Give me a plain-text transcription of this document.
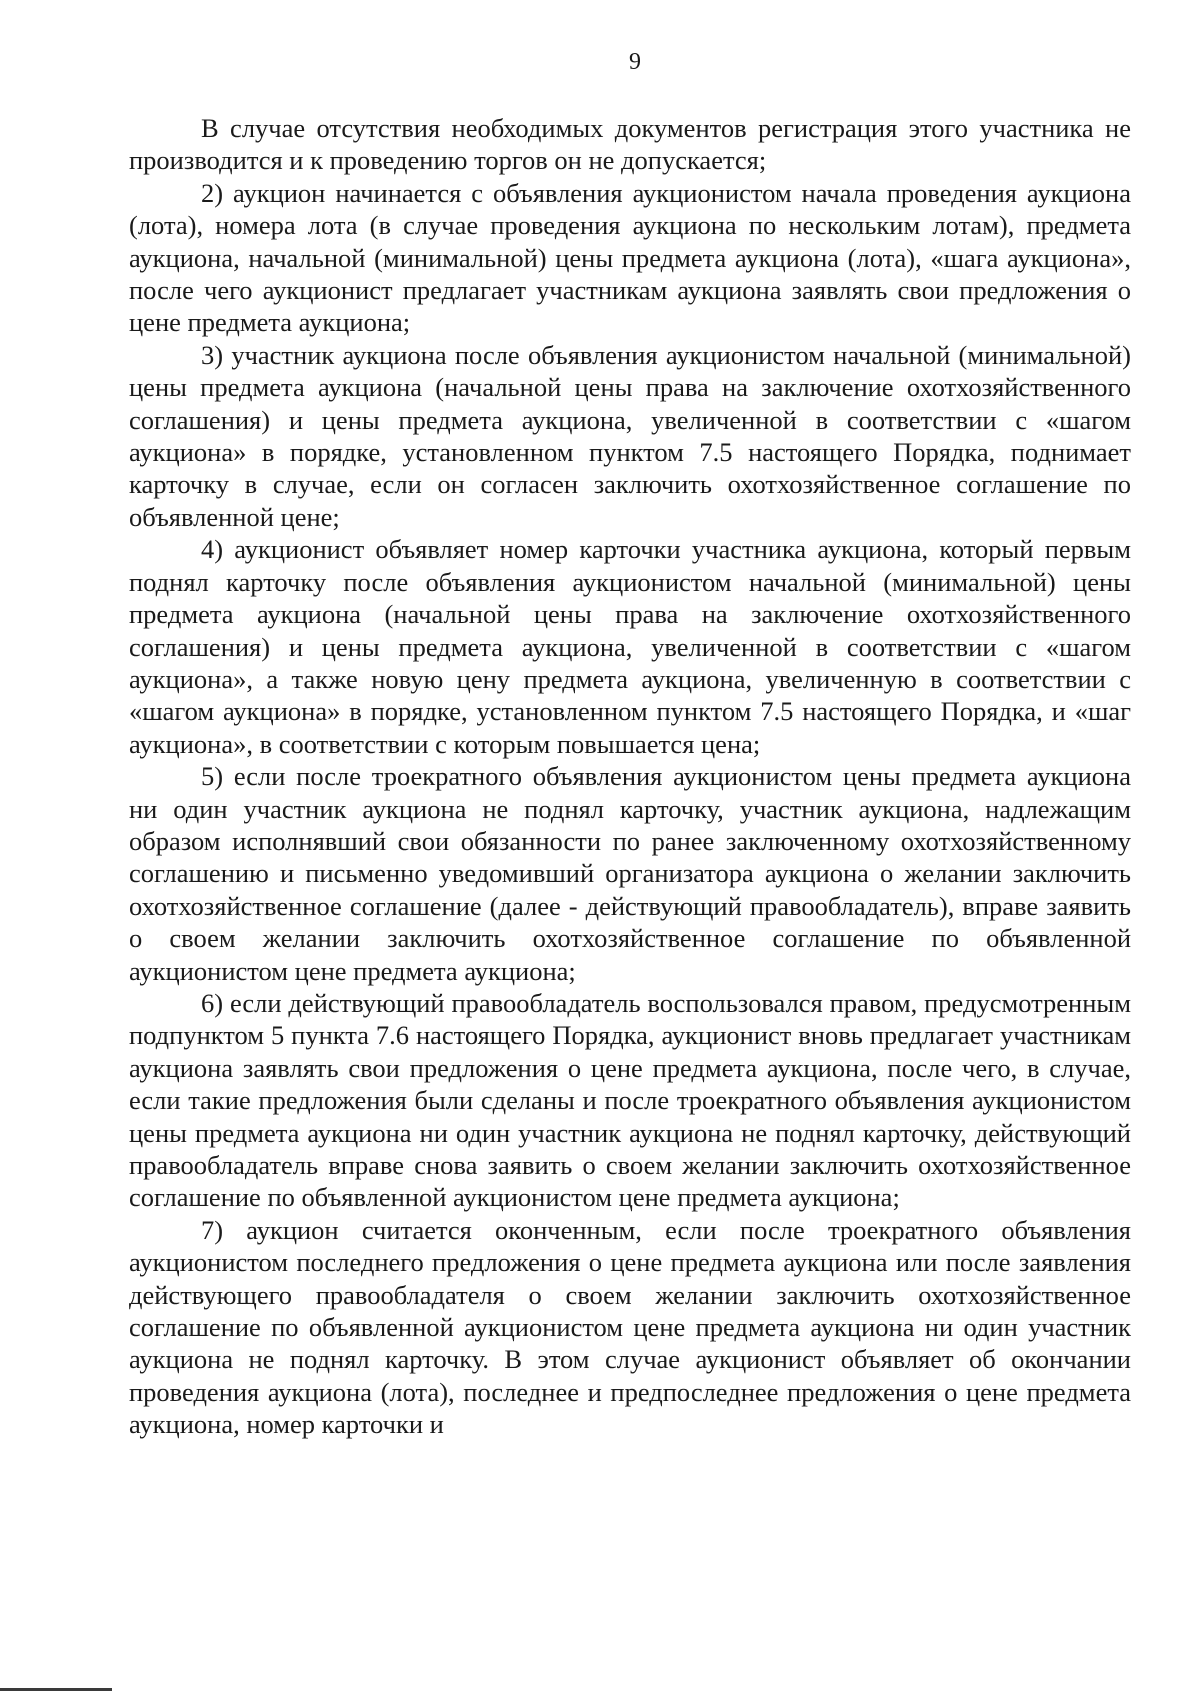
9

В случае отсутствия необходимых документов регистрация этого участника не производится и к проведению торгов он не допускается;

2) аукцион начинается с объявления аукционистом начала проведения аукциона (лота), номера лота (в случае проведения аукциона по нескольким лотам), предмета аукциона, начальной (минимальной) цены предмета аукциона (лота), «шага аукциона», после чего аукционист предлагает участникам аукциона заявлять свои предложения о цене предмета аукциона;

3) участник аукциона после объявления аукционистом начальной (минимальной) цены предмета аукциона (начальной цены права на заключение охотхозяйственного соглашения) и цены предмета аукциона, увеличенной в соответствии с «шагом аукциона» в порядке, установленном пунктом 7.5 настоящего Порядка, поднимает карточку в случае, если он согласен заключить охотхозяйственное соглашение по объявленной цене;

4) аукционист объявляет номер карточки участника аукциона, который первым поднял карточку после объявления аукционистом начальной (минимальной) цены предмета аукциона (начальной цены права на заключение охотхозяйственного соглашения) и цены предмета аукциона, увеличенной в соответствии с «шагом аукциона», а также новую цену предмета аукциона, увеличенную в соответствии с «шагом аукциона» в порядке, установленном пунктом 7.5 настоящего Порядка, и «шаг аукциона», в соответствии с которым повышается цена;

5) если после троекратного объявления аукционистом цены предмета аукциона ни один участник аукциона не поднял карточку, участник аукциона, надлежащим образом исполнявший свои обязанности по ранее заключенному охотхозяйственному соглашению и письменно уведомивший организатора аукциона о желании заключить охотхозяйственное соглашение (далее - действующий правообладатель), вправе заявить о своем желании заключить охотхозяйственное соглашение по объявленной аукционистом цене предмета аукциона;

6) если действующий правообладатель воспользовался правом, предусмотренным подпунктом 5 пункта 7.6 настоящего Порядка, аукционист вновь предлагает участникам аукциона заявлять свои предложения о цене предмета аукциона, после чего, в случае, если такие предложения были сделаны и после троекратного объявления аукционистом цены предмета аукциона ни один участник аукциона не поднял карточку, действующий правообладатель вправе снова заявить о своем желании заключить охотхозяйственное соглашение по объявленной аукционистом цене предмета аукциона;

7) аукцион считается оконченным, если после троекратного объявления аукционистом последнего предложения о цене предмета аукциона или после заявления действующего правообладателя о своем желании заключить охотхозяйственное соглашение по объявленной аукционистом цене предмета аукциона ни один участник аукциона не поднял карточку. В этом случае аукционист объявляет об окончании проведения аукциона (лота), последнее и предпоследнее предложения о цене предмета аукциона, номер карточки и
